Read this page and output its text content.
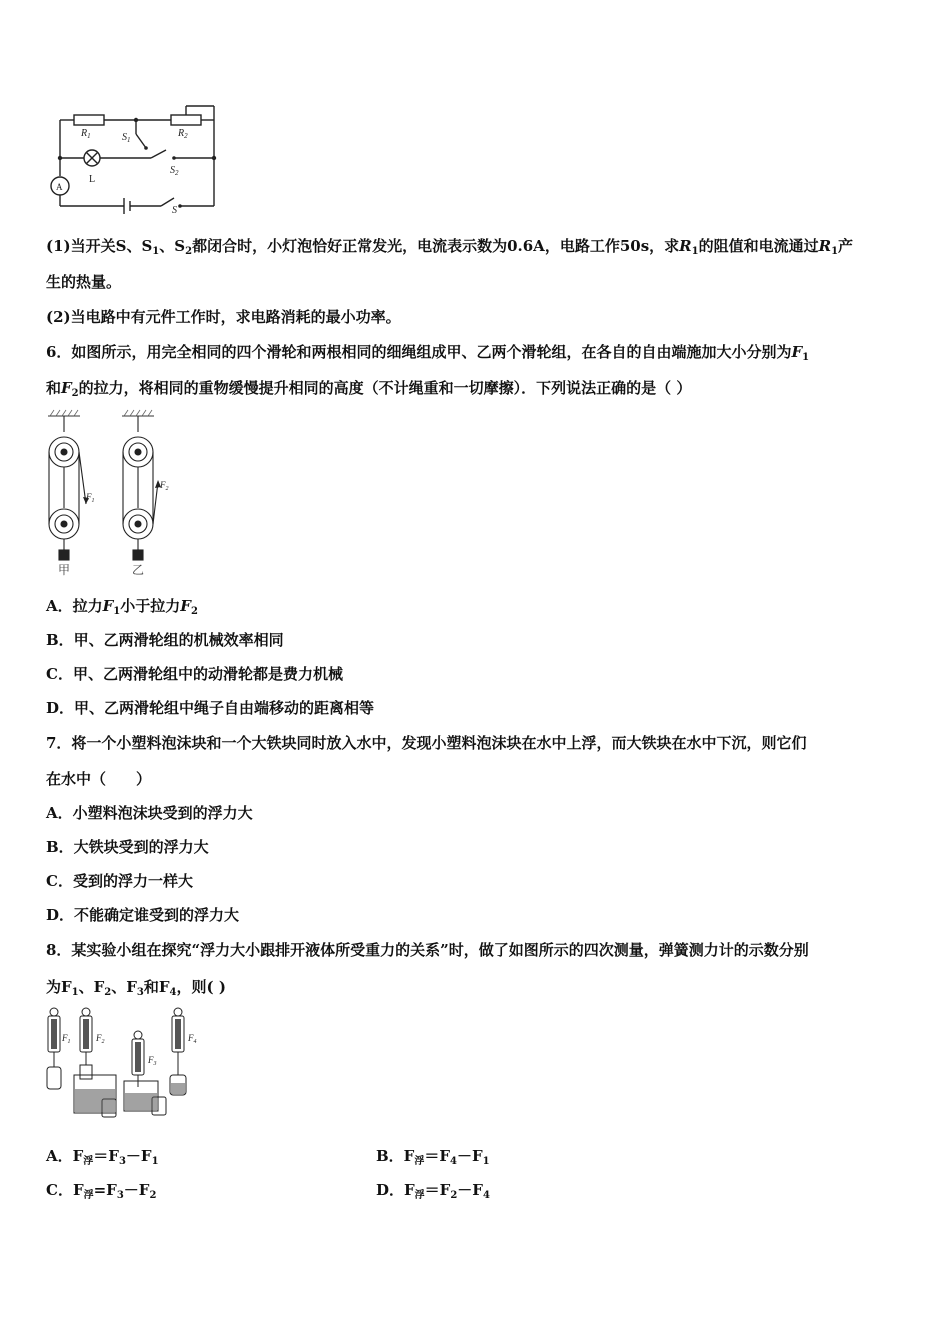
$R_1$	$R_2$
$S_1$
$S_2$
S
L
A
(1)当开关S、$S_1$、$S_2$都闭合时，小灯泡恰好正常发光，电流表示数为0.6A，电路工作50s，求$R_1$的阻值和电流通过$R_1$产
生的热量。
(2)当电路中有元件工作时，求电路消耗的最小功率。
6．如图所示，用完全相同的四个滑轮和两根相同的细绳组成甲、乙两个滑轮组，在各自的自由端施加大小分别为$F_1$
和$F_2$的拉力，将相同的重物缓慢提升相同的高度（不计绳重和一切摩擦）．下列说法正确的是（ ）
$F_1$
$F_2$
甲	乙
A．拉力$F_1$小于拉力$F_2$
B．甲、乙两滑轮组的机械效率相同
C．甲、乙两滑轮组中的动滑轮都是费力机械
D．甲、乙两滑轮组中绳子自由端移动的距离相等
7．将一个小塑料泡沫块和一个大铁块同时放入水中，发现小塑料泡沫块在水中上浮，而大铁块在水中下沉，则它们
在水中（　　）
A．小塑料泡沫块受到的浮力大
B．大铁块受到的浮力大
C．受到的浮力一样大
D．不能确定谁受到的浮力大
8．某实验小组在探究“浮力大小跟排开液体所受重力的关系”时，做了如图所示的四次测量，弹簧测力计的示数分别
为$F_1$、$F_2$、$F_3$和$F_4$，则( )
$F_1$	$F_2$
$F_3$
$F_4$
A．$F_浮=F_3-F_1$	B．$F_浮=F_4-F_1$
C．$F_浮=F_3-F_2$	D．$F_浮=F_2-F_4$
